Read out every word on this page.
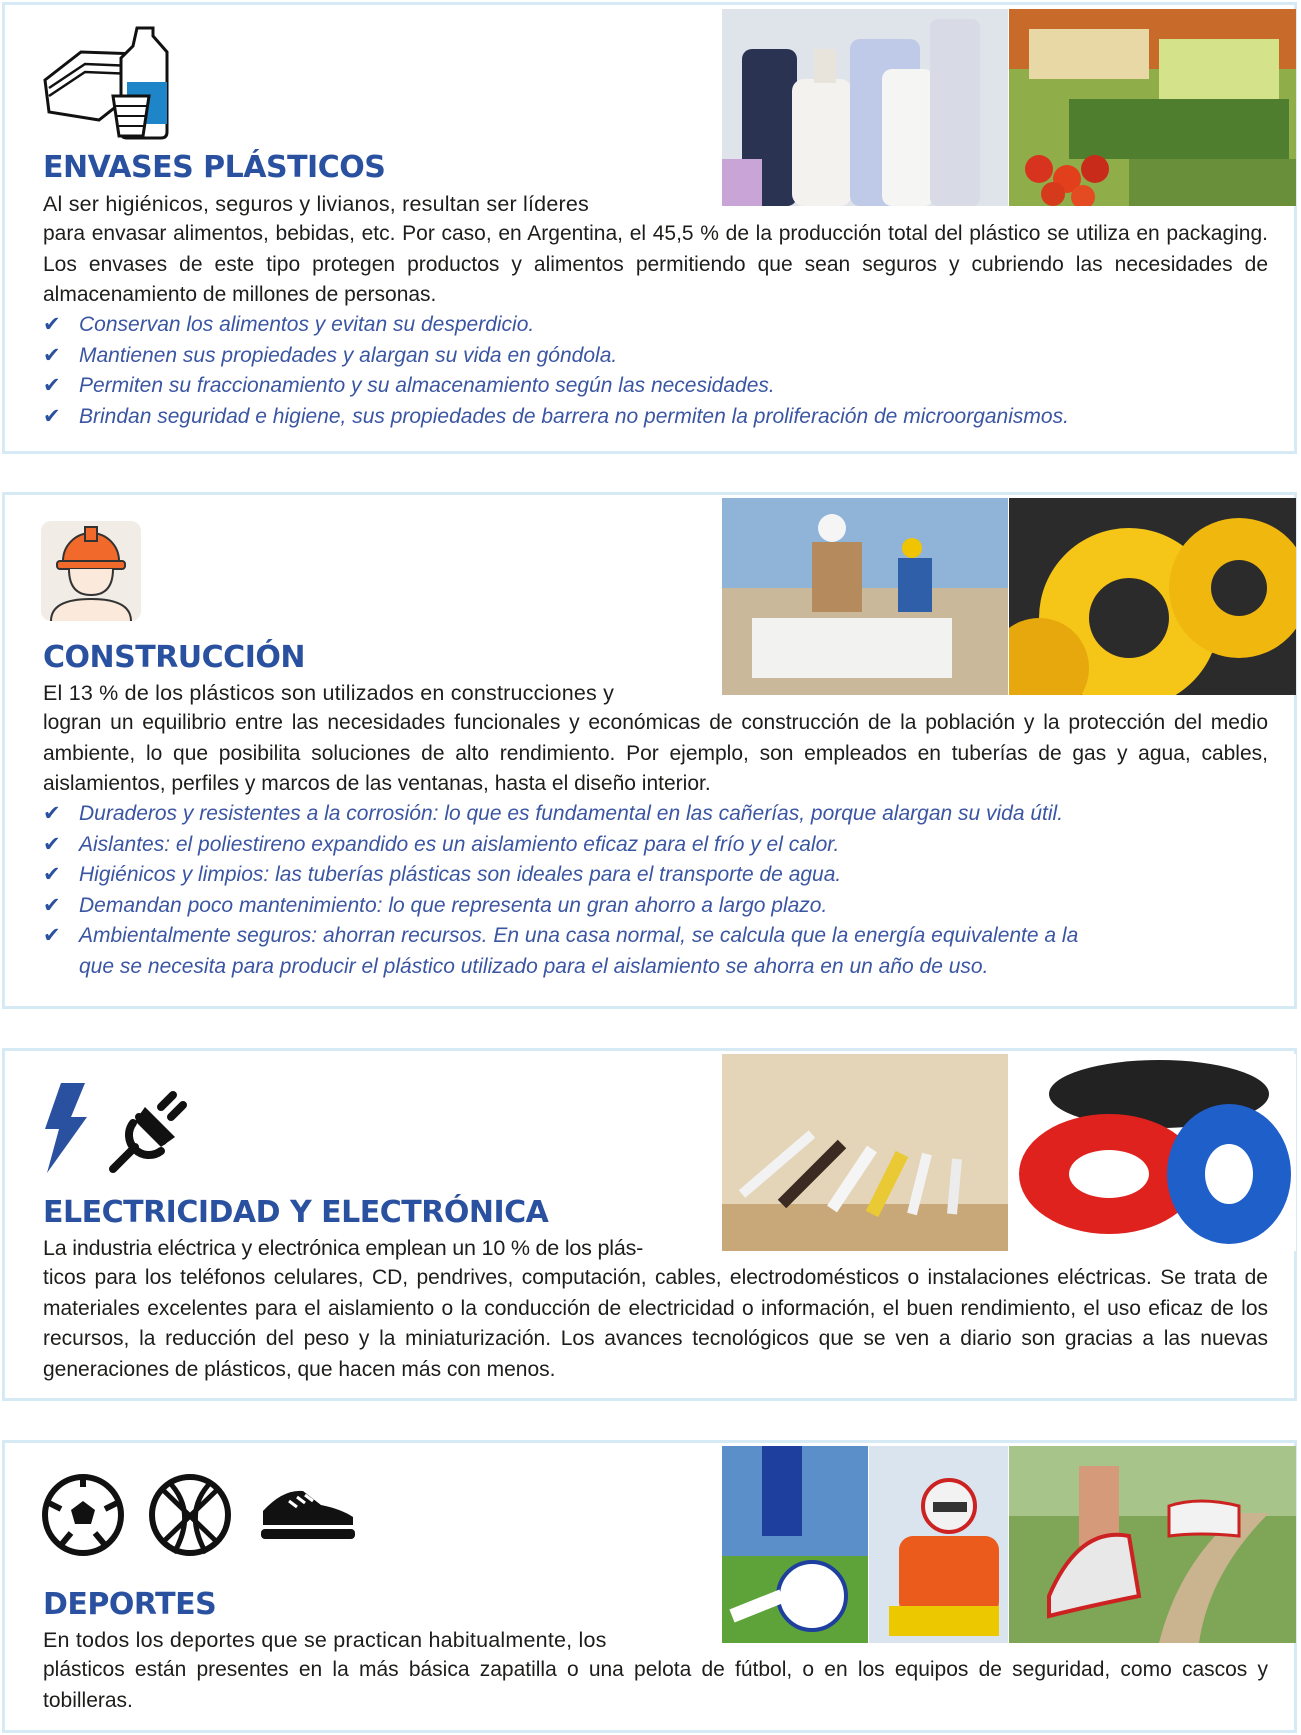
ENVASES PLÁSTICOS
Al ser higiénicos, seguros y livianos, resultan ser líderes
para envasar alimentos, bebidas, etc. Por caso, en Argentina, el 45,5 % de la producción total del plástico se utiliza en packaging. Los envases de este tipo protegen productos y alimentos permitiendo que sean seguros y cubriendo las necesidades de almacenamiento de millones de personas.
✔ Conservan los alimentos y evitan su desperdicio.
✔ Mantienen sus propiedades y alargan su vida en góndola.
✔ Permiten su fraccionamiento y su almacenamiento según las necesidades.
✔ Brindan seguridad e higiene, sus propiedades de barrera no permiten la proliferación de microorganismos.
CONSTRUCCIÓN
El 13 % de los plásticos son utilizados en construcciones y
logran un equilibrio entre las necesidades funcionales y económicas de construcción de la población y la protección del medio ambiente, lo que posibilita soluciones de alto rendimiento. Por ejemplo, son empleados en tuberías de gas y agua, cables, aislamientos, perfiles y marcos de las ventanas, hasta el diseño interior.
✔ Duraderos y resistentes a la corrosión: lo que es fundamental en las cañerías, porque alargan su vida útil.
✔ Aislantes: el poliestireno expandido es un aislamiento eficaz para el frío y el calor.
✔ Higiénicos y limpios: las tuberías plásticas son ideales para el transporte de agua.
✔ Demandan poco mantenimiento: lo que representa un gran ahorro a largo plazo.
✔ Ambientalmente seguros: ahorran recursos. En una casa normal, se calcula que la energía equivalente a la
que se necesita para producir el plástico utilizado para el aislamiento se ahorra en un año de uso.
ELECTRICIDAD Y ELECTRÓNICA
La industria eléctrica y electrónica emplean un 10 % de los plás-
ticos para los teléfonos celulares, CD, pendrives, computación, cables, electrodomésticos o instalaciones eléctricas. Se trata de materiales excelentes para el aislamiento o la conducción de electricidad o información, el buen rendimiento, el uso eficaz de los recursos, la reducción del peso y la miniaturización. Los avances tecnológicos que se ven a diario son gracias a las nuevas generaciones de plásticos, que hacen más con menos.
DEPORTES
En todos los deportes que se practican habitualmente, los
plásticos están presentes en la más básica zapatilla o una pelota de fútbol, o en los equipos de seguridad, como cascos y tobilleras.
